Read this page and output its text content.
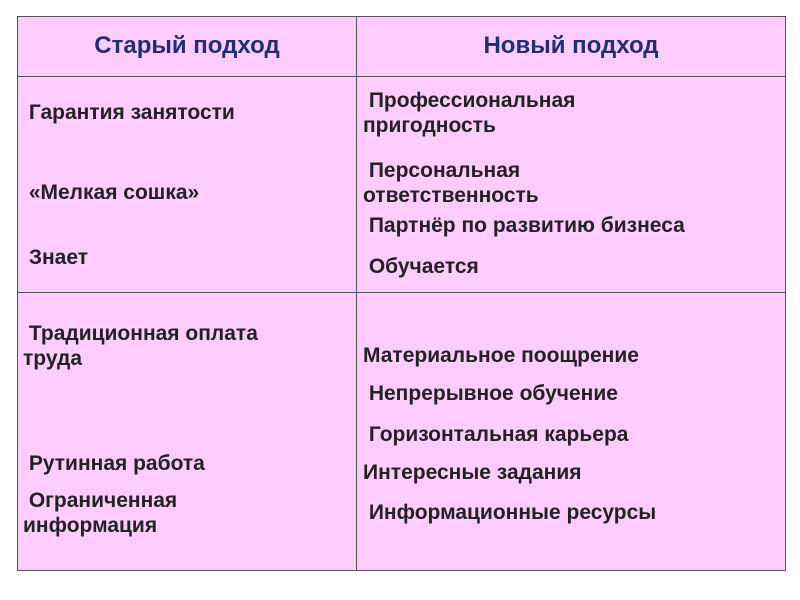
Старый подход	Новый подход
Гарантия занятости
«Мелкая сошка»
Знает
Профессиональная
пригодность
Персональная
ответственность
Партнёр по развитию бизнеса
Обучается
Традиционная оплата
труда
Рутинная работа
Ограниченная
информация
Материальное поощрение
Непрерывное обучение
Горизонтальная карьера
Интересные задания
Информационные ресурсы
